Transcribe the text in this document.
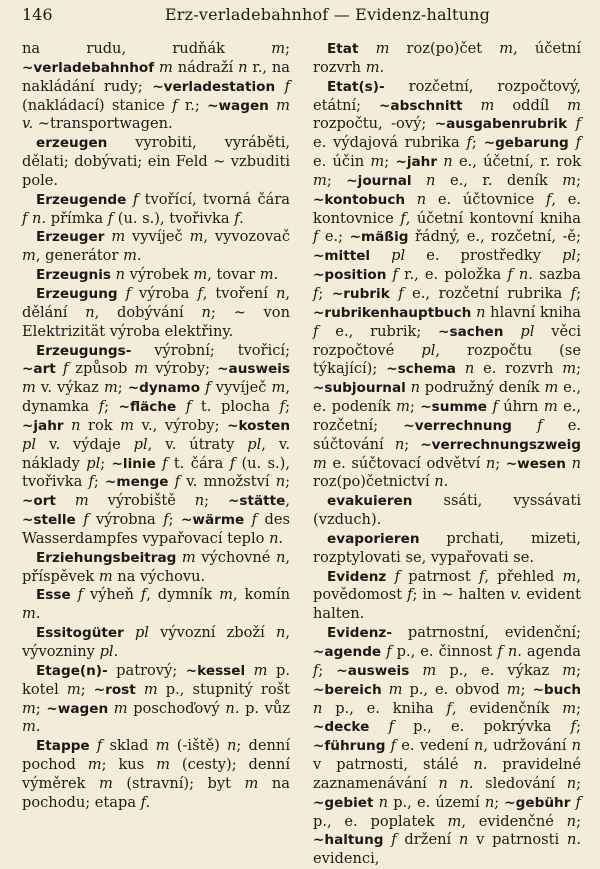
146	Erz-verladebahnhof — Evidenz-haltung

na rudu, rudňák m; ~verladebahnhof m nádraží n r., na nakládání rudy; ~verladestation f (nakládací) stanice f r.; ~wagen m v. ~transportwagen.

erzeugen vyrobiti, vyráběti, dělati; dobývati; ein Feld ~ vzbuditi pole.

Erzeugende f tvořící, tvorná čára f n. přímka f (u. s.), tvořivka f.

Erzeuger m vyvíječ m, vyvozovač m, generátor m.

Erzeugnis n výrobek m, tovar m.

Erzeugung f výroba f, tvoření n, dělání n, dobývání n; ~ von Elektrizität výroba elektřiny.

Erzeugungs- výrobní; tvořicí; ~art f způsob m výroby; ~ausweis m v. výkaz m; ~dynamo f vyvíječ m, dynamka f; ~fläche f t. plocha f; ~jahr n rok m v., výroby; ~kosten pl v. výdaje pl, v. útraty pl, v. náklady pl; ~linie f t. čára f (u. s.), tvořivka f; ~menge f v. množství n; ~ort m výrobiště n; ~stätte, ~stelle f výrobna f; ~wärme f des Wasserdampfes vypařovací teplo n.

Erziehungsbeitrag m výchovné n, příspěvek m na výchovu.

Esse f výheň f, dymník m, komín m.

Essitogüter pl vývozní zboží n, vývozniny pl.

Etage(n)- patrový; ~kessel m p. kotel m; ~rost m p., stupnitý rošt m; ~wagen m poschoďový n. p. vůz m.

Etappe f sklad m (-iště) n; denní pochod m; kus m (cesty); denní výměrek m (stravní); byt m na pochodu; etapa f.

Etat m roz(po)čet m, účetní rozvrh m.

Etat(s)- rozčetní, rozpočtový, etátní; ~abschnitt m oddíl m rozpočtu, -ový; ~ausgabenrubrik f e. výdajová rubrika f; ~gebarung f e. účin m; ~jahr n e., účetní, r. rok m; ~journal n e., r. deník m; ~kontobuch n e. účtovnice f, e. kontovnice f, účetní kontovní kniha f e.; ~mäßig řádný, e., rozčetní, -ě; ~mittel pl e. prostředky pl; ~position f r., e. položka f n. sazba f; ~rubrik f e., rozčetní rubrika f; ~rubrikenhauptbuch n hlavní kniha f e., rubrik; ~sachen pl věci rozpočtové pl, rozpočtu (se týkající); ~schema n e. rozvrh m; ~subjournal n podružný deník m e., e. podeník m; ~summe f úhrn m e., rozčetní; ~verrechnung f e. súčtování n; ~verrechnungszweig m e. súčtovací odvětví n; ~wesen n roz(po)četnictví n.

evakuieren ssáti, vyssávati (vzduch).

evaporieren prchati, mizeti, rozptylovati se, vypařovati se.

Evidenz f patrnost f, přehled m, povědomost f; in ~ halten v. evident halten.

Evidenz- patrnostní, evidenční; ~agende f p., e. činnost f n. agenda f; ~ausweis m p., e. výkaz m; ~bereich m p., e. obvod m; ~buch n p., e. kniha f, evidenčník m; ~decke f p., e. pokrývka f; ~führung f e. vedení n, udržování n v patrnosti, stálé n. pravidelné zaznamenávání n n. sledování n; ~gebiet n p., e. území n; ~gebühr f p., e. poplatek m, evidenčné n; ~haltung f držení n v patrnosti n. evidenci,
